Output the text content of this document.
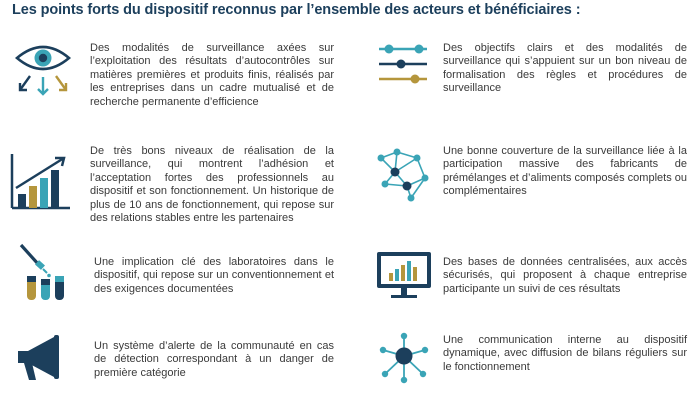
Les points forts du dispositif reconnus par l’ensemble des acteurs et bénéficiaires :
Des modalités de surveillance axées sur l’exploitation des résultats d’autocontrôles sur matières premières et produits finis, réalisés par les entreprises dans un cadre mutualisé et de recherche permanente d’efficience
De très bons niveaux de réalisation de la surveillance, qui montrent l’adhésion et l’acceptation fortes des professionnels au dispositif et son fonctionnement. Un historique de plus de 10 ans de fonctionnement, qui repose sur des relations stables entre les partenaires
Une implication clé des laboratoires dans le dispositif, qui repose sur un conventionnement et des exigences documentées
Un système d’alerte de la communauté en cas de détection correspondant à un danger de première catégorie
Des objectifs clairs et des modalités de surveillance qui s’appuient sur un bon niveau de formalisation des règles et procédures de surveillance
Une bonne couverture de la surveillance liée à la participation massive des fabricants de prémélanges et d’aliments composés complets ou complémentaires
Des bases de données centralisées, aux accès sécurisés, qui proposent à chaque entreprise participante un suivi de ces résultats
Une communication interne au dispositif dynamique, avec diffusion de bilans réguliers sur le fonctionnement
